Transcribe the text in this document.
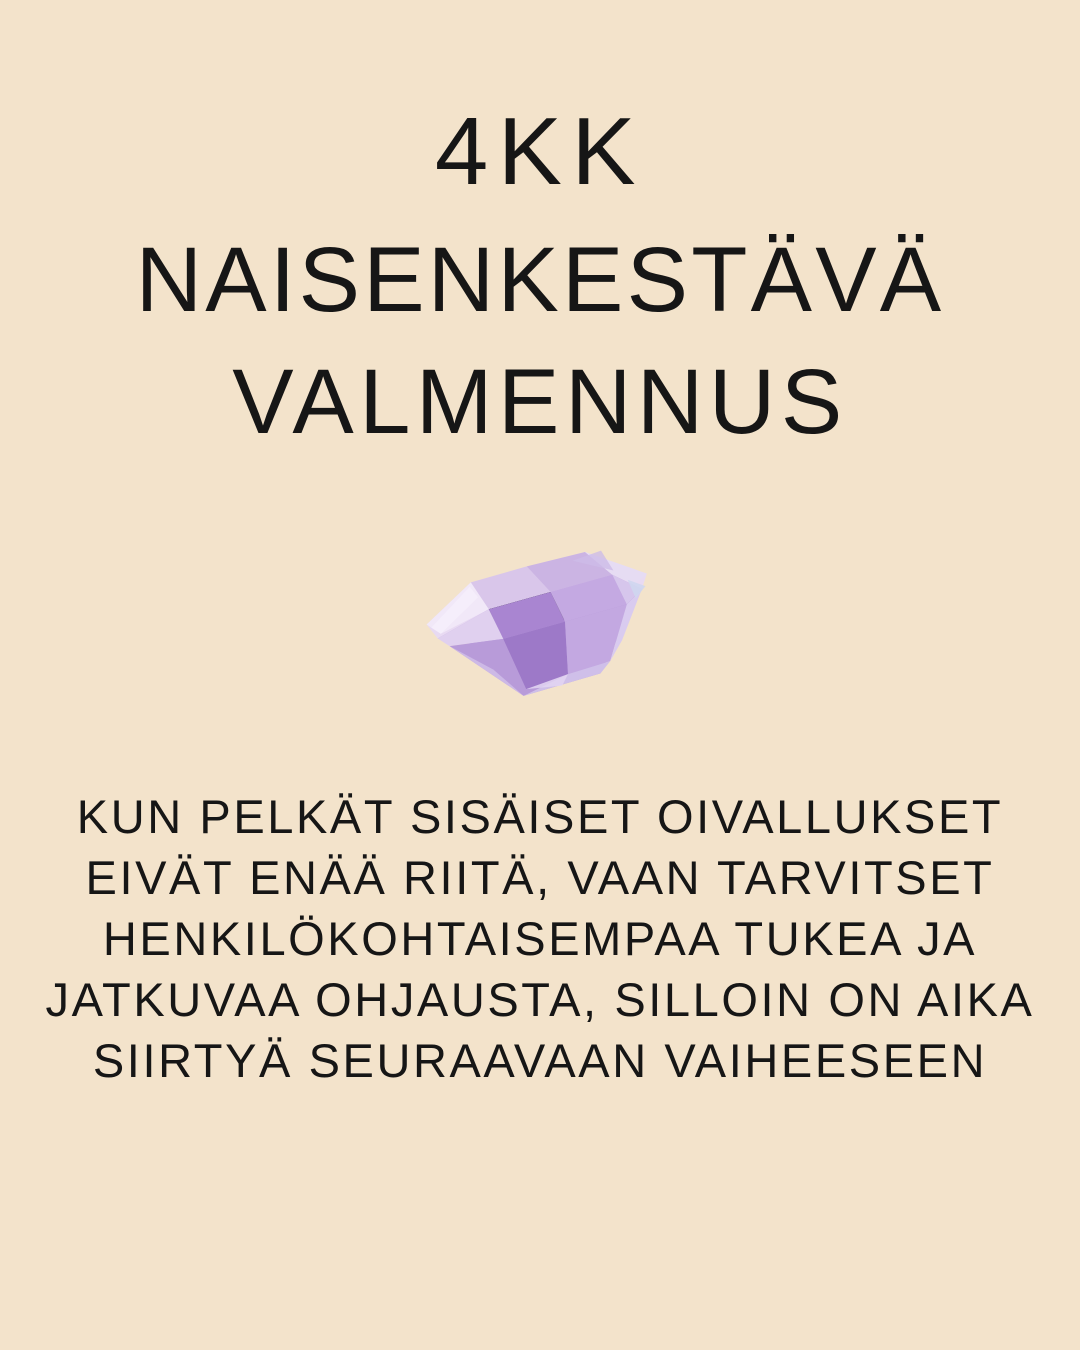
4KK
NAISENKESTÄVÄ
VALMENNUS
KUN PELKÄT SISÄISET OIVALLUKSET EIVÄT ENÄÄ RIITÄ, VAAN TARVITSET HENKILÖKOHTAISEMPAA TUKEA JA JATKUVAA OHJAUSTA, SILLOIN ON AIKA SIIRTYÄ SEURAAVAAN VAIHEESEEN
